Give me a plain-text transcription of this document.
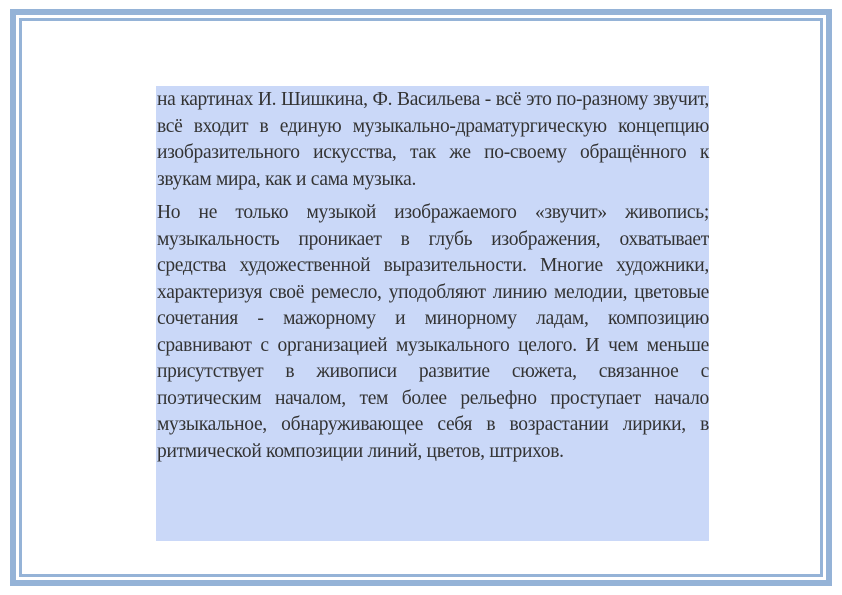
на картинах И. Шишкина, Ф. Васильева - всё это по-разному звучит, всё входит в единую музыкально-драматургическую концепцию изобразительного искусства, так же по-своему обращённого к звукам мира, как и сама музыка.

Но не только музыкой изображаемого «звучит» живопись; музыкальность проникает в глубь изображения, охватывает средства художественной выразительности. Многие художники, характеризуя своё ремесло, уподобляют линию мелодии, цветовые сочетания - мажорному и минорному ладам, композицию сравнивают с организацией музыкального целого. И чем меньше присутствует в живописи развитие сюжета, связанное с поэтическим началом, тем более рельефно проступает начало музыкальное, обнаруживающее себя в возрастании лирики, в ритмической композиции линий, цветов, штрихов.
